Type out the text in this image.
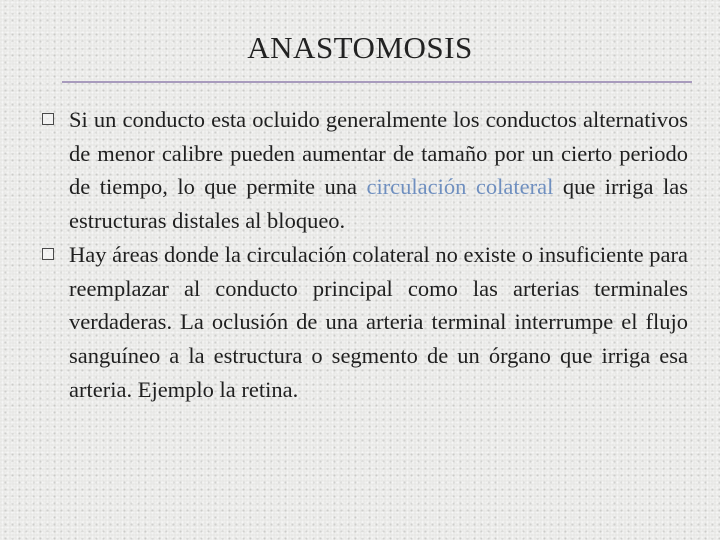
ANASTOMOSIS
Si un conducto esta ocluido generalmente los conductos alternativos de menor calibre pueden aumentar de tamaño por un cierto periodo de tiempo, lo que permite una circulación colateral que irriga las estructuras distales al bloqueo.
Hay áreas donde la circulación colateral no existe o insuficiente para reemplazar al conducto principal como las arterias terminales verdaderas. La oclusión de una arteria terminal interrumpe el flujo sanguíneo a la estructura o segmento de un órgano que irriga esa arteria. Ejemplo la retina.
